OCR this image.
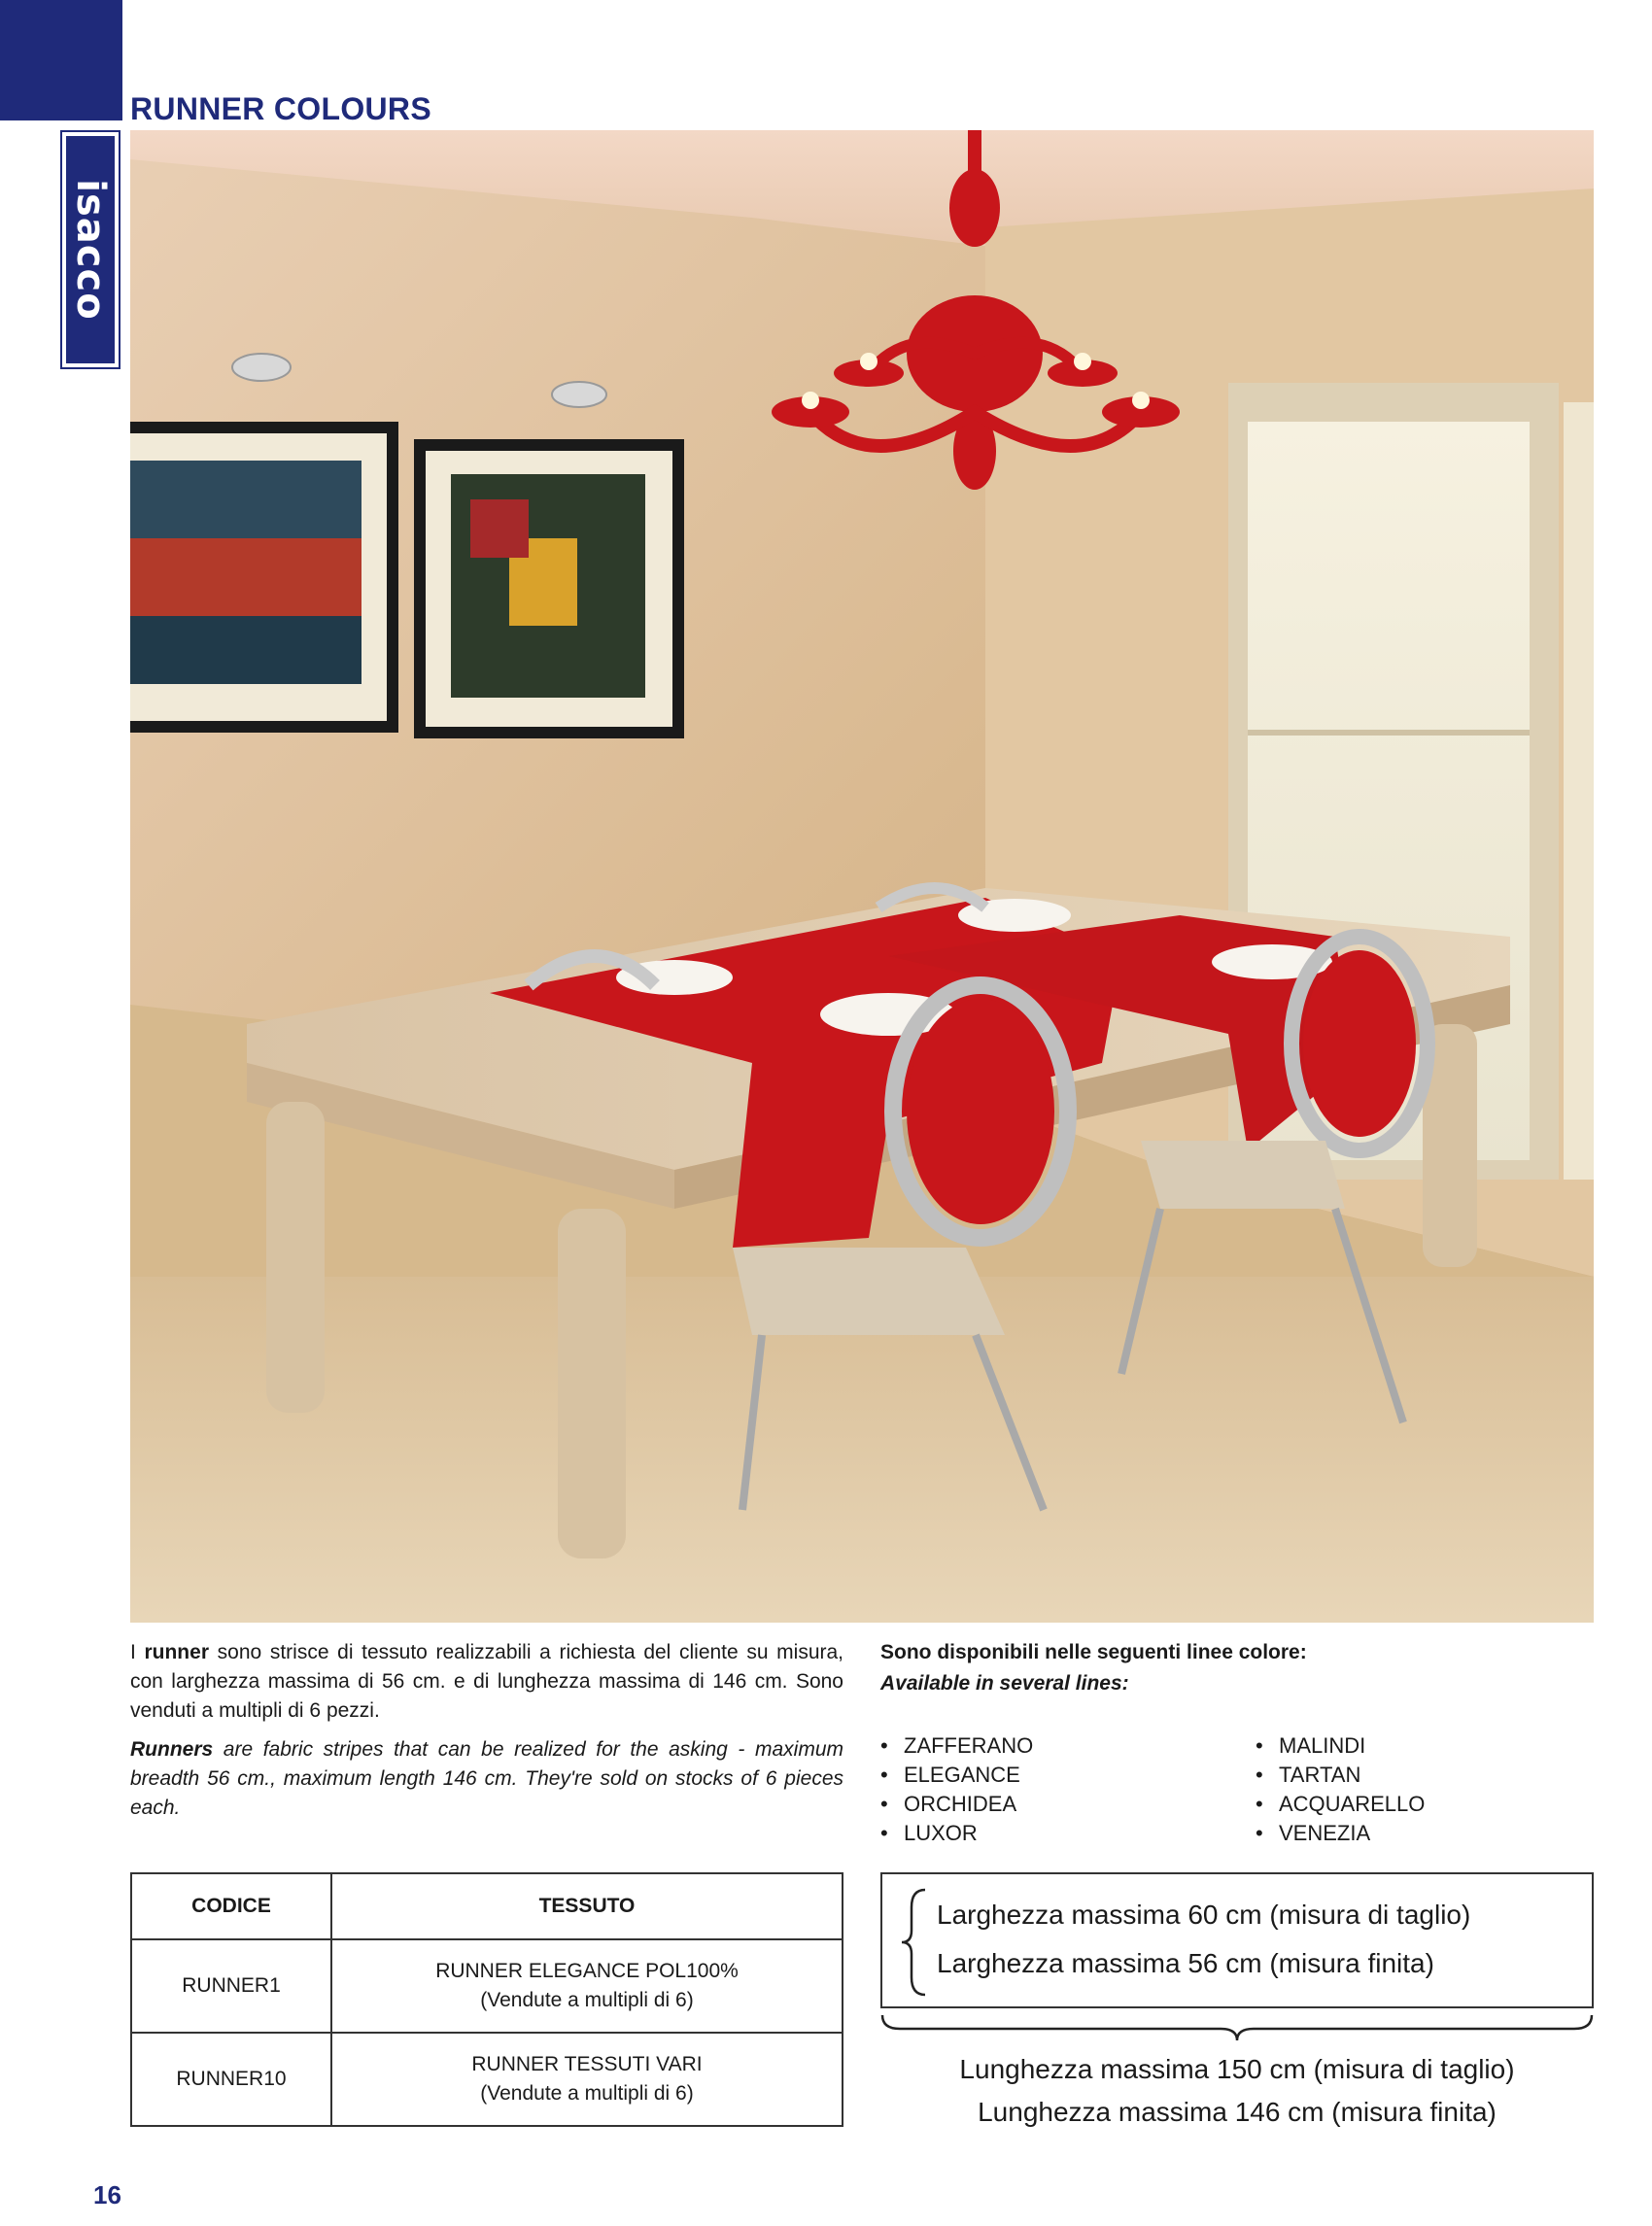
isacco
RUNNER COLOURS

I runner sono strisce di tessuto realizzabili a richiesta del cliente su misura, con larghezza massima di 56 cm. e di lunghezza massima di 146 cm. Sono venduti a multipli di 6 pezzi.

Runners are fabric stripes that can be realized for the asking - maximum breadth 56 cm., maximum length 146 cm. They're sold on stocks of 6 pieces each.

Sono disponibili nelle seguenti linee colore:

Available in several lines:

• ZAFFERANO
• ELEGANCE
• ORCHIDEA
• LUXOR
• MALINDI
• TARTAN
• ACQUARELLO
• VENEZIA
CODICE	TESSUTO
RUNNER1	RUNNER ELEGANCE POL100%
(Vendute a multipli di 6)

RUNNER10	RUNNER TESSUTI VARI
(Vendute a multipli di 6)
Larghezza massima 60 cm (misura di taglio)
Larghezza massima 56 cm (misura finita)
Lunghezza massima 150 cm (misura di taglio)
Lunghezza massima 146 cm (misura finita)
16
